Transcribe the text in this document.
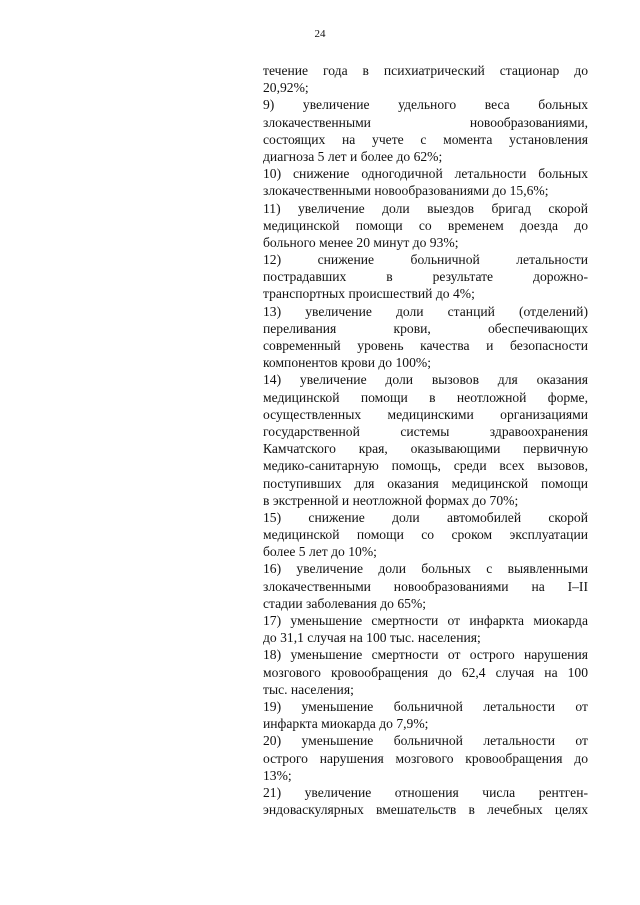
24
течение года в психиатрический стационар до
20,92%;
9) увеличение удельного веса больных
злокачественными новообразованиями,
состоящих на учете с момента установления
диагноза 5 лет и более до 62%;
10) снижение одногодичной летальности больных
злокачественными новообразованиями до 15,6%;
11) увеличение доли выездов бригад скорой
медицинской помощи со временем доезда до
больного менее 20 минут до 93%;
12) снижение больничной летальности
пострадавших в результате дорожно-
транспортных происшествий до 4%;
13) увеличение доли станций (отделений)
переливания крови, обеспечивающих
современный уровень качества и безопасности
компонентов крови до 100%;
14) увеличение доли вызовов для оказания
медицинской помощи в неотложной форме,
осуществленных медицинскими организациями
государственной системы здравоохранения
Камчатского края, оказывающими первичную
медико-санитарную помощь, среди всех вызовов,
поступивших для оказания медицинской помощи
в экстренной и неотложной формах до 70%;
15) снижение доли автомобилей скорой
медицинской помощи со сроком эксплуатации
более 5 лет до 10%;
16) увеличение доли больных с выявленными
злокачественными новообразованиями на I–II
стадии заболевания до 65%;
17) уменьшение смертности от инфаркта миокарда
до 31,1 случая на 100 тыс. населения;
18) уменьшение смертности от острого нарушения
мозгового кровообращения до 62,4 случая на 100
тыс. населения;
19) уменьшение больничной летальности от
инфаркта миокарда до 7,9%;
20) уменьшение больничной летальности от
острого нарушения мозгового кровообращения до
13%;
21) увеличение отношения числа рентген-
эндоваскулярных вмешательств в лечебных целях
